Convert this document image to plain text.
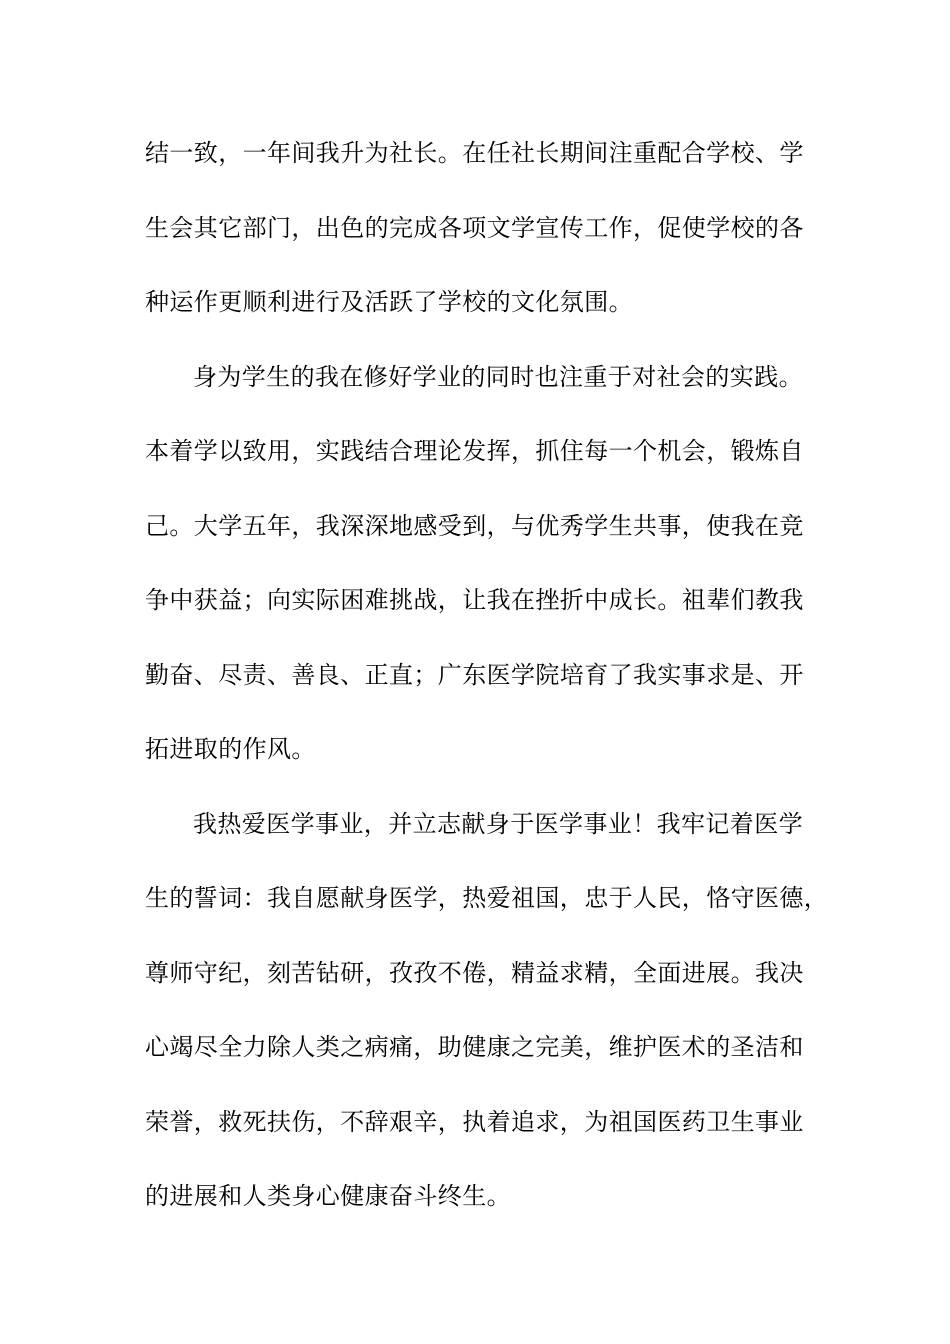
结一致，一年间我升为社长。在任社长期间注重配合学校、学
生会其它部门，出色的完成各项文学宣传工作，促使学校的各
种运作更顺利进行及活跃了学校的文化氛围。
身为学生的我在修好学业的同时也注重于对社会的实践。
本着学以致用，实践结合理论发挥，抓住每一个机会，锻炼自
己。大学五年，我深深地感受到，与优秀学生共事，使我在竞
争中获益；向实际困难挑战，让我在挫折中成长。祖辈们教我
勤奋、尽责、善良、正直；广东医学院培育了我实事求是、开
拓进取的作风。
我热爱医学事业，并立志献身于医学事业！我牢记着医学
生的誓词：我自愿献身医学，热爱祖国，忠于人民，恪守医德，
尊师守纪，刻苦钻研，孜孜不倦，精益求精，全面进展。我决
心竭尽全力除人类之病痛，助健康之完美，维护医术的圣洁和
荣誉，救死扶伤，不辞艰辛，执着追求，为祖国医药卫生事业
的进展和人类身心健康奋斗终生。
